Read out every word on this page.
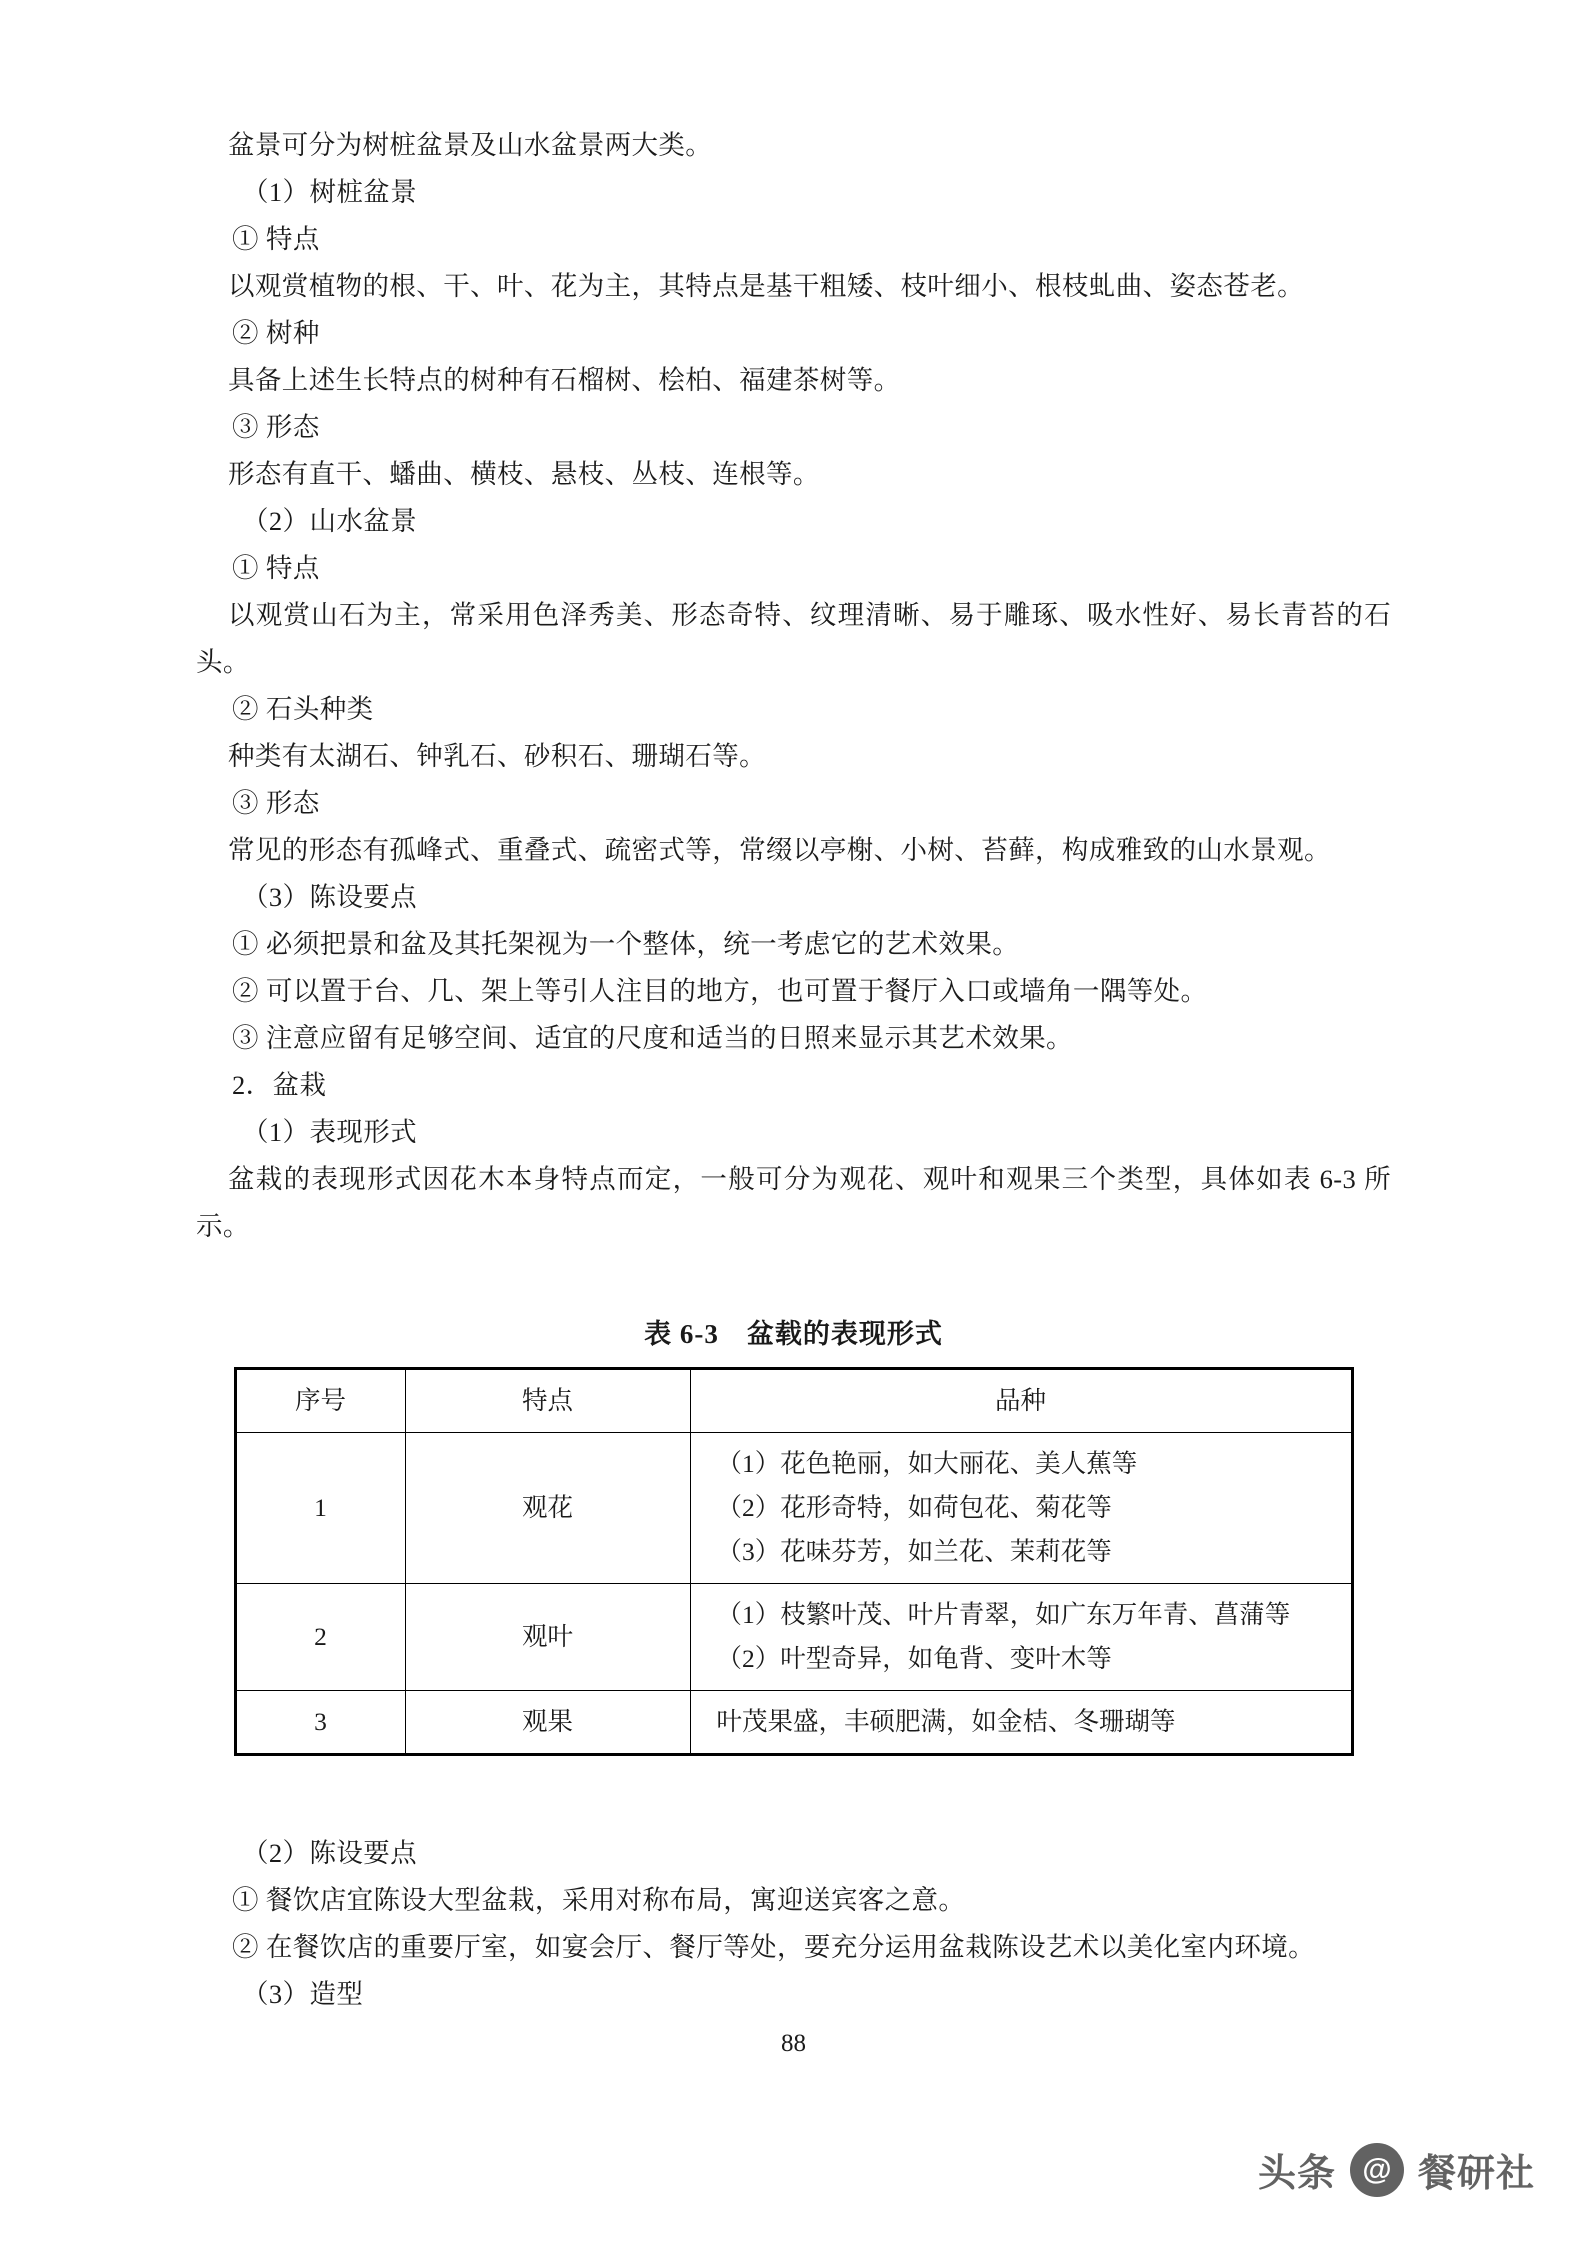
盆景可分为树桩盆景及山水盆景两大类。

（1）树桩盆景

① 特点

以观赏植物的根、干、叶、花为主，其特点是基干粗矮、枝叶细小、根枝虬曲、姿态苍老。

② 树种

具备上述生长特点的树种有石榴树、桧柏、福建茶树等。

③ 形态

形态有直干、蟠曲、横枝、悬枝、丛枝、连根等。

（2）山水盆景

① 特点

以观赏山石为主，常采用色泽秀美、形态奇特、纹理清晰、易于雕琢、吸水性好、易长青苔的石头。

② 石头种类

种类有太湖石、钟乳石、砂积石、珊瑚石等。

③ 形态

常见的形态有孤峰式、重叠式、疏密式等，常缀以亭榭、小树、苔藓，构成雅致的山水景观。

（3）陈设要点

① 必须把景和盆及其托架视为一个整体，统一考虑它的艺术效果。

② 可以置于台、几、架上等引人注目的地方，也可置于餐厅入口或墙角一隅等处。

③ 注意应留有足够空间、适宜的尺度和适当的日照来显示其艺术效果。

2．盆栽

（1）表现形式

盆栽的表现形式因花木本身特点而定，一般可分为观花、观叶和观果三个类型，具体如表 6-3 所示。

表 6-3　盆载的表现形式
序号	特点	品种
1	观花	（1）花色艳丽，如大丽花、美人蕉等
（2）花形奇特，如荷包花、菊花等
（3）花味芬芳，如兰花、茉莉花等

2	观叶	（1）枝繁叶茂、叶片青翠，如广东万年青、菖蒲等
（2）叶型奇异，如龟背、变叶木等

3	观果	叶茂果盛，丰硕肥满，如金桔、冬珊瑚等

（2）陈设要点

① 餐饮店宜陈设大型盆栽，采用对称布局，寓迎送宾客之意。

② 在餐饮店的重要厅室，如宴会厅、餐厅等处，要充分运用盆栽陈设艺术以美化室内环境。

（3）造型

88
头条 @ 餐研社
